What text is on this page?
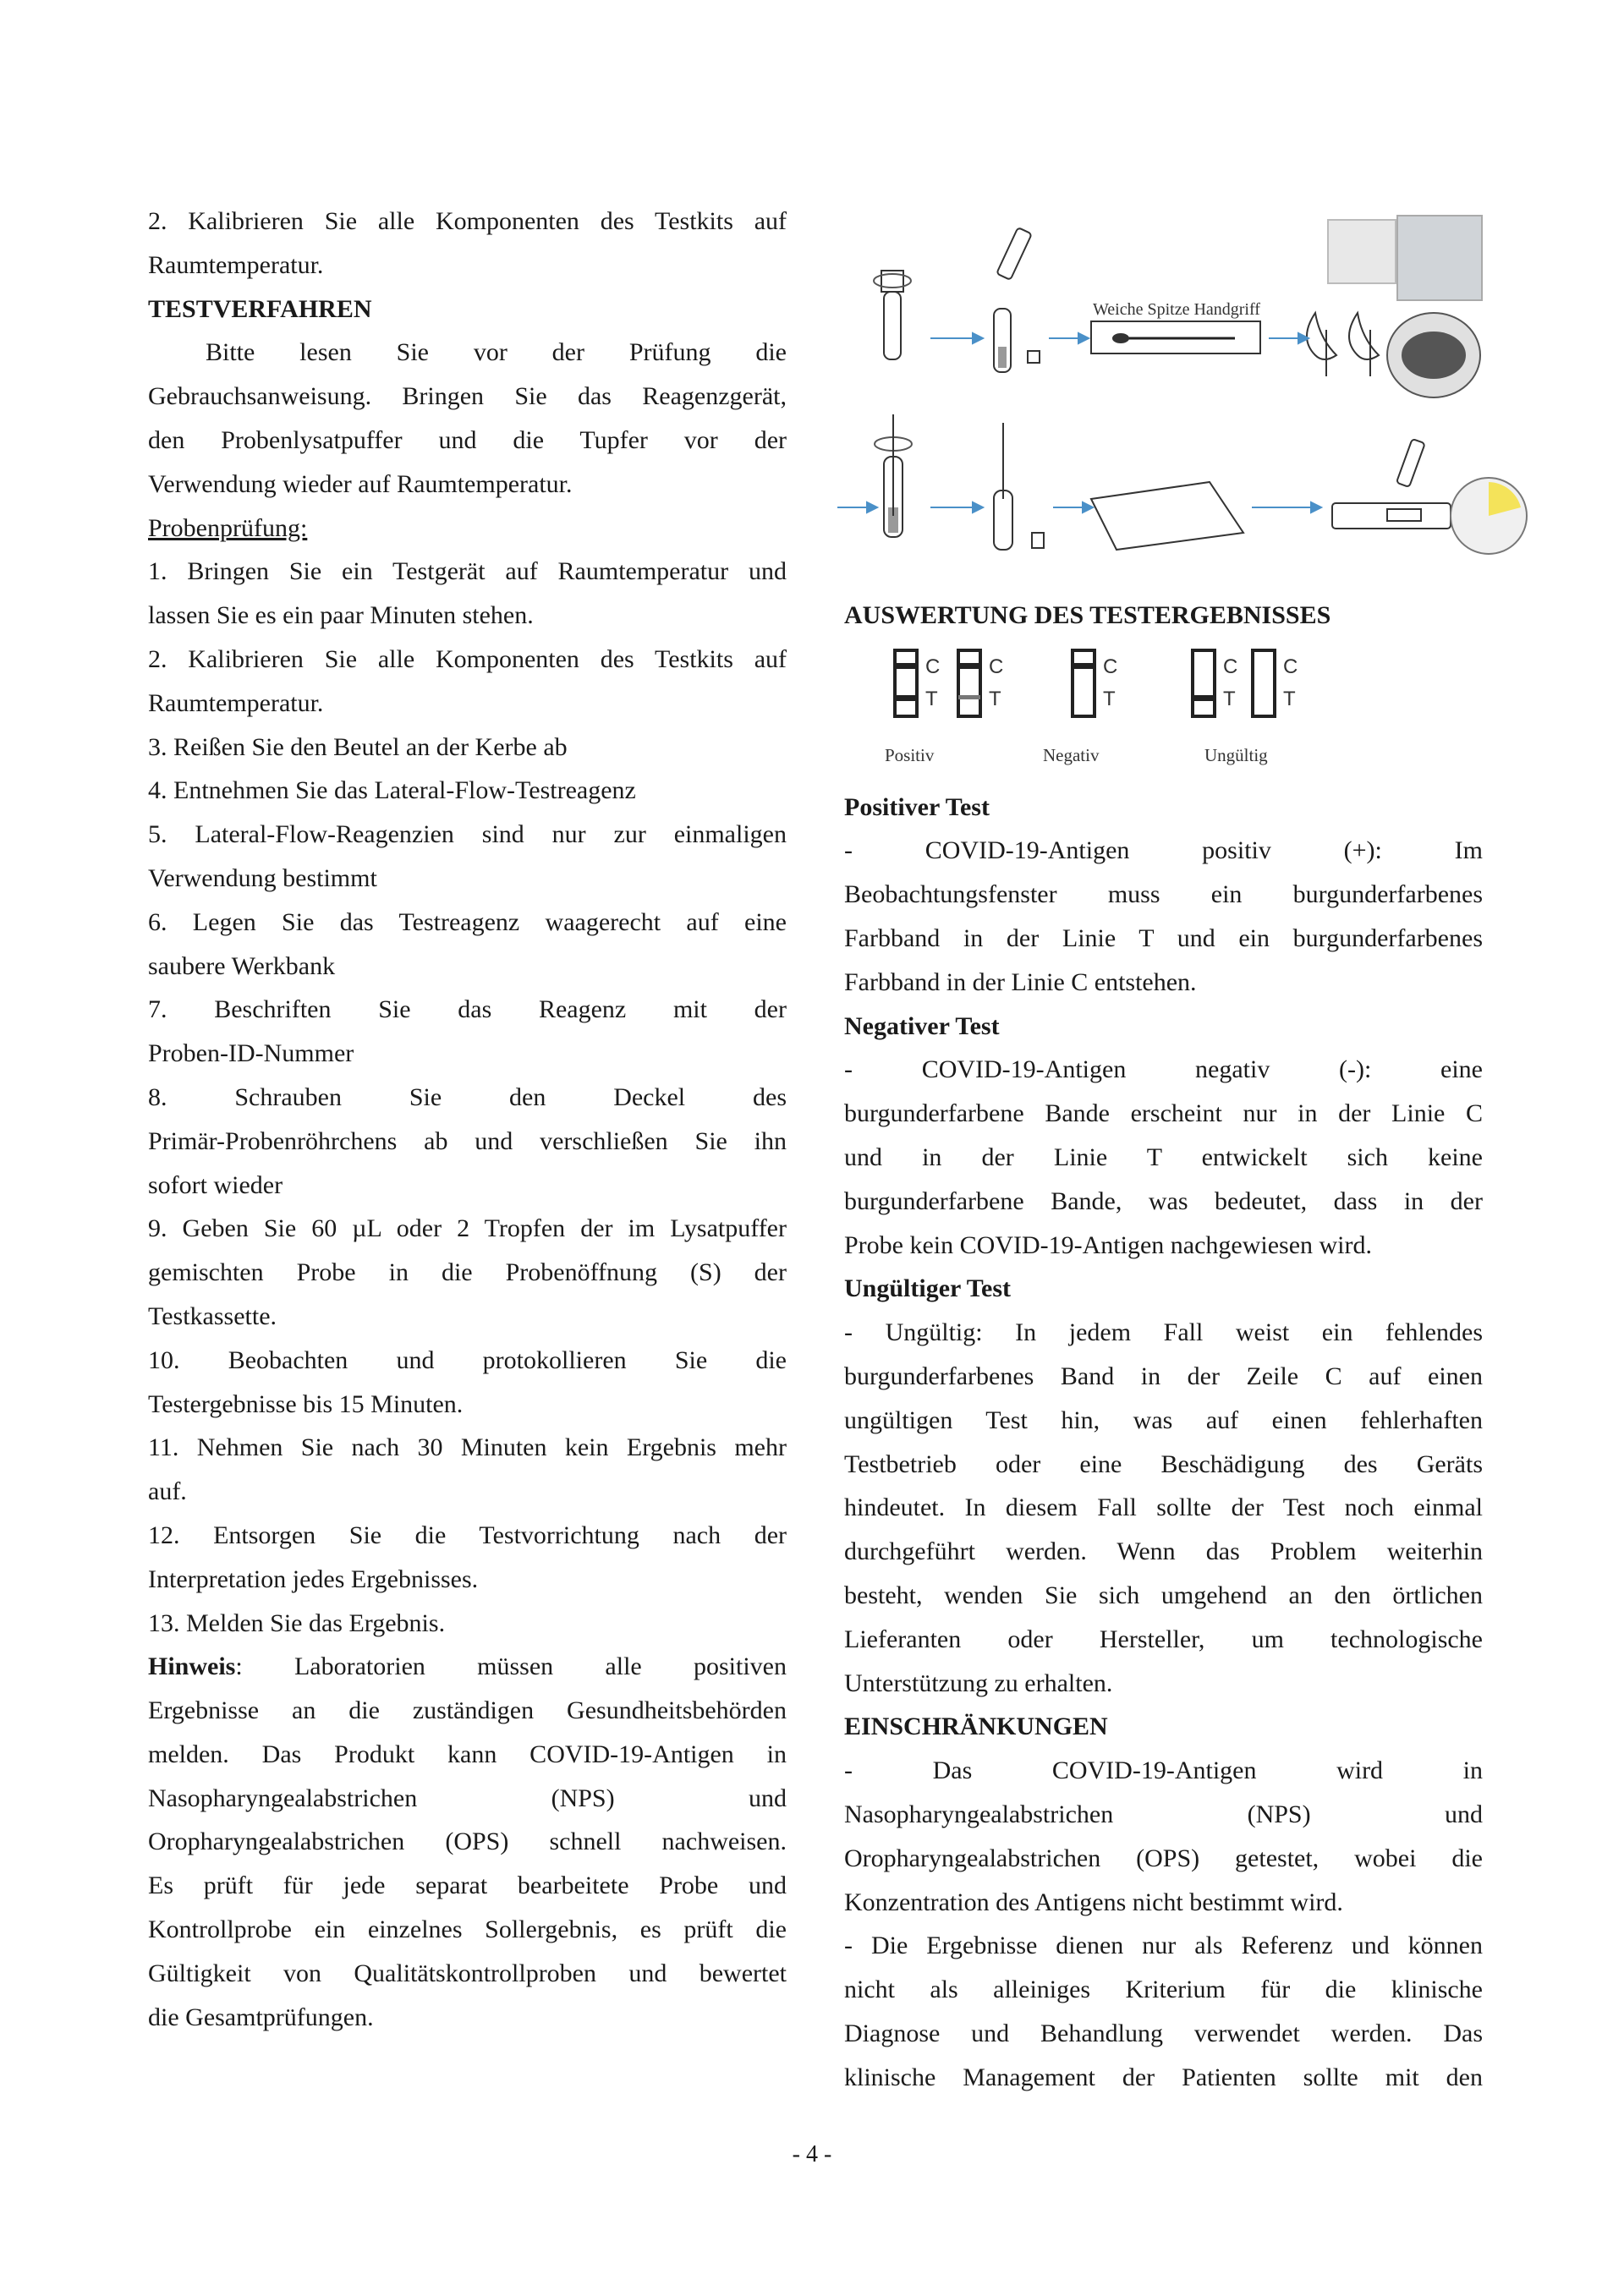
2. Kalibrieren Sie alle Komponenten des Testkits auf

Raumtemperatur.

TESTVERFAHREN

Bitte lesen Sie vor der Prüfung die

Gebrauchsanweisung. Bringen Sie das Reagenzgerät,

den Probenlysatpuffer und die Tupfer vor der

Verwendung wieder auf Raumtemperatur.

Probenprüfung:

1. Bringen Sie ein Testgerät auf Raumtemperatur und

lassen Sie es ein paar Minuten stehen.

2. Kalibrieren Sie alle Komponenten des Testkits auf

Raumtemperatur.

3. Reißen Sie den Beutel an der Kerbe ab

4. Entnehmen Sie das Lateral-Flow-Testreagenz

5. Lateral-Flow-Reagenzien sind nur zur einmaligen

Verwendung bestimmt

6. Legen Sie das Testreagenz waagerecht auf eine

saubere Werkbank

7. Beschriften Sie das Reagenz mit der

Proben-ID-Nummer

8. Schrauben Sie den Deckel des

Primär-Probenröhrchens ab und verschließen Sie ihn

sofort wieder

9. Geben Sie 60 µL oder 2 Tropfen der im Lysatpuffer

gemischten Probe in die Probenöffnung (S) der

Testkassette.

10. Beobachten und protokollieren Sie die

Testergebnisse bis 15 Minuten.

11. Nehmen Sie nach 30 Minuten kein Ergebnis mehr

auf.

12. Entsorgen Sie die Testvorrichtung nach der

Interpretation jedes Ergebnisses.

13. Melden Sie das Ergebnis.

Hinweis: Laboratorien müssen alle positiven

Ergebnisse an die zuständigen Gesundheitsbehörden

melden. Das Produkt kann COVID-19-Antigen in

Nasopharyngealabstrichen (NPS) und

Oropharyngealabstrichen (OPS) schnell nachweisen.

Es prüft für jede separat bearbeitete Probe und

Kontrollprobe ein einzelnes Sollergebnis, es prüft die

Gültigkeit von Qualitätskontrollproben und bewertet

die Gesamtprüfungen.

Weiche Spitze Handgriff

AUSWERTUNG DES TESTERGEBNISSES

C
T
C
T
C
T
C
T
C
T
Positiv	Negativ	Ungültig

Positiver Test

- COVID-19-Antigen positiv (+): Im

Beobachtungsfenster muss ein burgunderfarbenes

Farbband in der Linie T und ein burgunderfarbenes

Farbband in der Linie C entstehen.

Negativer Test

- COVID-19-Antigen negativ (-): eine

burgunderfarbene Bande erscheint nur in der Linie C

und in der Linie T entwickelt sich keine

burgunderfarbene Bande, was bedeutet, dass in der

Probe kein COVID-19-Antigen nachgewiesen wird.

Ungültiger Test

- Ungültig: In jedem Fall weist ein fehlendes

burgunderfarbenes Band in der Zeile C auf einen

ungültigen Test hin, was auf einen fehlerhaften

Testbetrieb oder eine Beschädigung des Geräts

hindeutet. In diesem Fall sollte der Test noch einmal

durchgeführt werden. Wenn das Problem weiterhin

besteht, wenden Sie sich umgehend an den örtlichen

Lieferanten oder Hersteller, um technologische

Unterstützung zu erhalten.

EINSCHRÄNKUNGEN

- Das COVID-19-Antigen wird in

Nasopharyngealabstrichen (NPS) und

Oropharyngealabstrichen (OPS) getestet, wobei die

Konzentration des Antigens nicht bestimmt wird.

- Die Ergebnisse dienen nur als Referenz und können

nicht als alleiniges Kriterium für die klinische

Diagnose und Behandlung verwendet werden. Das

klinische Management der Patienten sollte mit den

- 4 -
